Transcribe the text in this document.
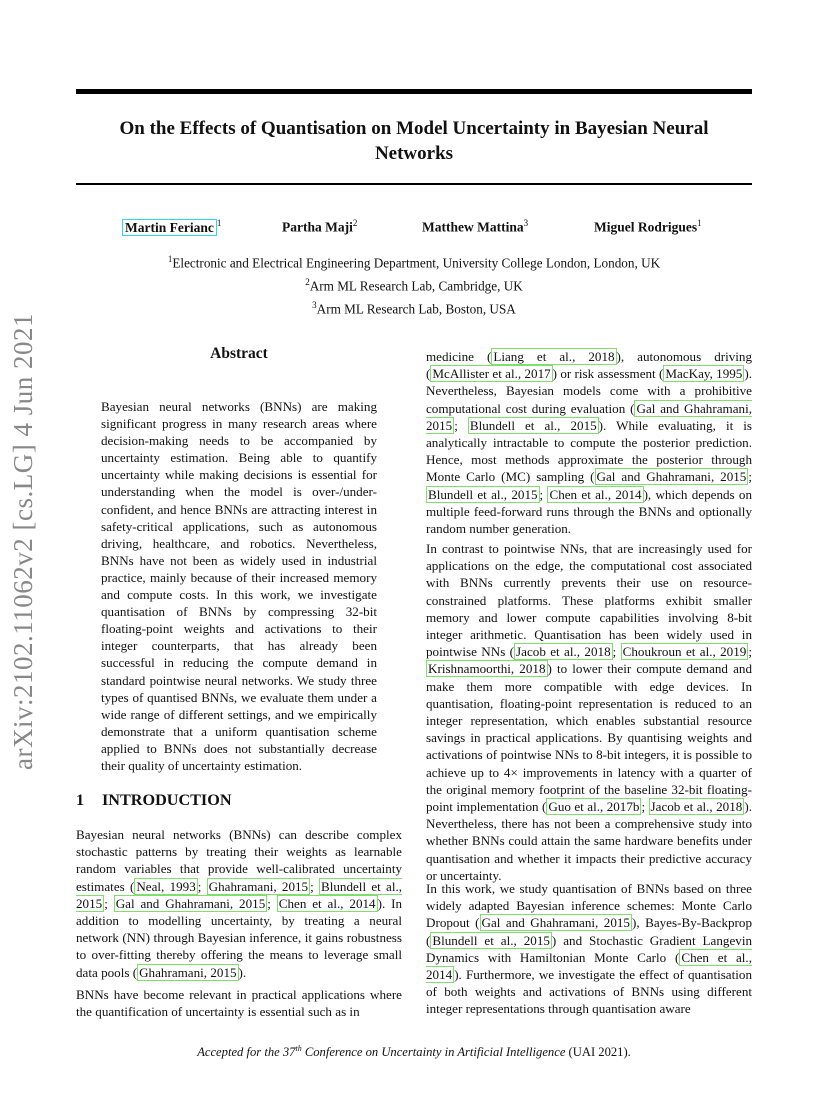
On the Effects of Quantisation on Model Uncertainty in Bayesian Neural
Networks
Martin Ferianc $^1$	Partha Maji$^2$	Matthew Mattina$^3$	Miguel Rodrigues$^1$
$^1$Electronic and Electrical Engineering Department, University College London, London, UK
$^2$Arm ML Research Lab, Cambridge, UK
$^3$Arm ML Research Lab, Boston, USA
arXiv:2102.11062v2 [cs.LG] 4 Jun 2021	Abstract
Bayesian neural networks (BNNs) are making significant progress in many research areas where decision-making needs to be accompanied by uncertainty estimation. Being able to quantify uncertainty while making decisions is essential for understanding when the model is over-/under-confident, and hence BNNs are attracting interest in safety-critical applications, such as autonomous driving, healthcare, and robotics. Nevertheless, BNNs have not been as widely used in industrial practice, mainly because of their increased memory and compute costs. In this work, we investigate quantisation of BNNs by compressing 32-bit floating-point weights and activations to their integer counterparts, that has already been successful in reducing the compute demand in standard pointwise neural networks. We study three types of quantised BNNs, we evaluate them under a wide range of different settings, and we empirically demonstrate that a uniform quantisation scheme applied to BNNs does not substantially decrease their quality of uncertainty estimation.
1 INTRODUCTION

Bayesian neural networks (BNNs) can describe complex stochastic patterns by treating their weights as learnable random variables that provide well-calibrated uncertainty estimates ( Neal, 1993 ; Ghahramani, 2015 ; Blundell et al., 2015 ; Gal and Ghahramani, 2015 ; Chen et al., 2014 ). In addition to modelling uncertainty, by treating a neural network (NN) through Bayesian inference, it gains robustness to over-fitting thereby offering the means to leverage small data pools ( Ghahramani, 2015 ).

BNNs have become relevant in practical applications where the quantification of uncertainty is essential such as in

medicine ( Liang et al., 2018 ), autonomous driving ( McAllister et al., 2017 ) or risk assessment ( MacKay, 1995 ). Nevertheless, Bayesian models come with a prohibitive computational cost during evaluation ( Gal and Ghahramani, 2015 ; Blundell et al., 2015 ). While evaluating, it is analytically intractable to compute the posterior prediction. Hence, most methods approximate the posterior through Monte Carlo (MC) sampling ( Gal and Ghahramani, 2015 ; Blundell et al., 2015 ; Chen et al., 2014 ), which depends on multiple feed-forward runs through the BNNs and optionally random number generation.

In contrast to pointwise NNs, that are increasingly used for applications on the edge, the computational cost associated with BNNs currently prevents their use on resource-constrained platforms. These platforms exhibit smaller memory and lower compute capabilities involving 8-bit integer arithmetic. Quantisation has been widely used in pointwise NNs ( Jacob et al., 2018 ; Choukroun et al., 2019 ; Krishnamoorthi, 2018 ) to lower their compute demand and make them more compatible with edge devices. In quantisation, floating-point representation is reduced to an integer representation, which enables substantial resource savings in practical applications. By quantising weights and activations of pointwise NNs to 8-bit integers, it is possible to achieve up to 4× improvements in latency with a quarter of the original memory footprint of the baseline 32-bit floating-point implementation ( Guo et al., 2017b ; Jacob et al., 2018 ). Nevertheless, there has not been a comprehensive study into whether BNNs could attain the same hardware benefits under quantisation and whether it impacts their predictive accuracy or uncertainty.

In this work, we study quantisation of BNNs based on three widely adapted Bayesian inference schemes: Monte Carlo Dropout ( Gal and Ghahramani, 2015 ), Bayes-By-Backprop ( Blundell et al., 2015 ) and Stochastic Gradient Langevin Dynamics with Hamiltonian Monte Carlo ( Chen et al., 2014 ). Furthermore, we investigate the effect of quantisation of both weights and activations of BNNs using different integer representations through quantisation aware

Accepted for the 37th Conference on Uncertainty in Artificial Intelligence (UAI 2021).
